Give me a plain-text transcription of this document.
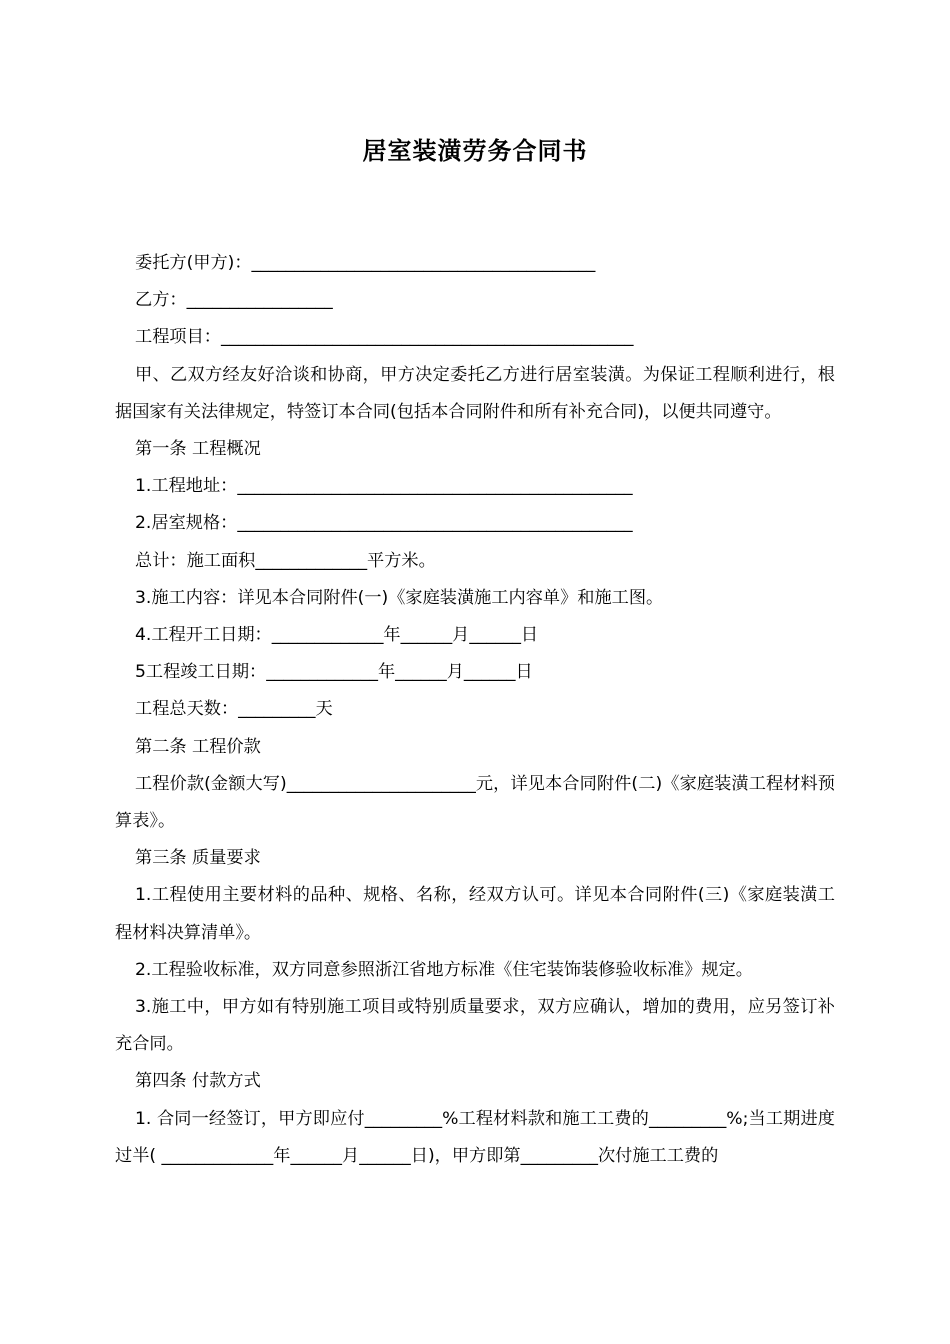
居室装潢劳务合同书

委托方(甲方)：________________________________________

乙方：_________________

工程项目：________________________________________________

甲、乙双方经友好洽谈和协商，甲方决定委托乙方进行居室装潢。为保证工程顺利进行，根据国家有关法律规定，特签订本合同(包括本合同附件和所有补充合同)，以便共同遵守。

第一条 工程概况

1.工程地址：______________________________________________

2.居室规格：______________________________________________

总计：施工面积_____________平方米。

3.施工内容：详见本合同附件(一)《家庭装潢施工内容单》和施工图。

4.工程开工日期：_____________年______月______日

5工程竣工日期：_____________年______月______日

工程总天数：_________天

第二条 工程价款

工程价款(金额大写)______________________元，详见本合同附件(二)《家庭装潢工程材料预算表》。

第三条 质量要求

1.工程使用主要材料的品种、规格、名称，经双方认可。详见本合同附件(三)《家庭装潢工程材料决算清单》。

2.工程验收标准，双方同意参照浙江省地方标准《住宅装饰装修验收标准》规定。

3.施工中，甲方如有特别施工项目或特别质量要求，双方应确认，增加的费用，应另签订补充合同。

第四条 付款方式

1. 合同一经签订，甲方即应付_________%工程材料款和施工工费的_________%;当工期进度过半( _____________年______月______日)，甲方即第_________次付施工工费的
